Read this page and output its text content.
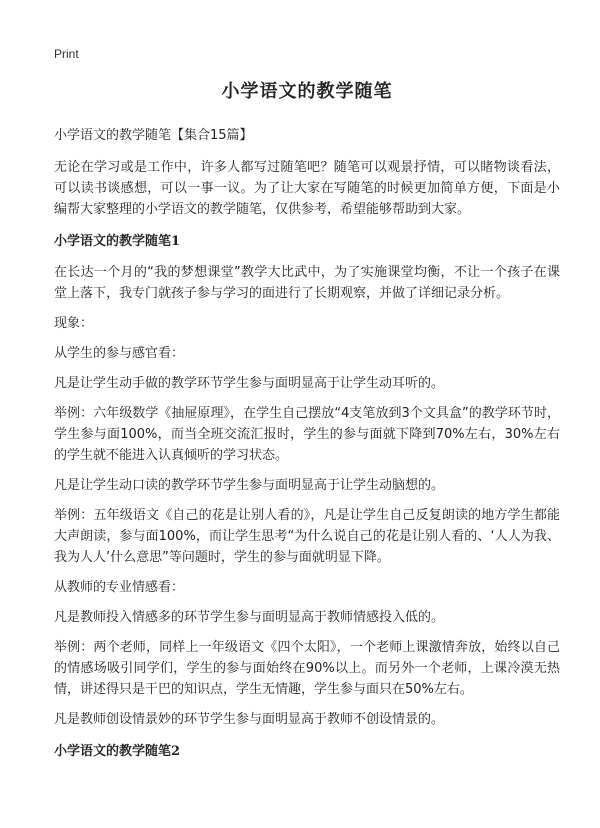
Print
小学语文的教学随笔

小学语文的教学随笔【集合15篇】

无论在学习或是工作中，许多人都写过随笔吧？随笔可以观景抒情，可以睹物谈看法，可以读书谈感想，可以一事一议。为了让大家在写随笔的时候更加简单方便，下面是小编帮大家整理的小学语文的教学随笔，仅供参考，希望能够帮助到大家。

小学语文的教学随笔1

在长达一个月的“我的梦想课堂”教学大比武中，为了实施课堂均衡，不让一个孩子在课堂上落下，我专门就孩子参与学习的面进行了长期观察，并做了详细记录分析。

现象：

从学生的参与感官看：

凡是让学生动手做的教学环节学生参与面明显高于让学生动耳听的。

举例：六年级数学《抽屉原理》，在学生自己摆放“4支笔放到3个文具盒”的教学环节时，学生参与面100%，而当全班交流汇报时，学生的参与面就下降到70%左右，30%左右的学生就不能进入认真倾听的学习状态。

凡是让学生动口读的教学环节学生参与面明显高于让学生动脑想的。

举例：五年级语文《自己的花是让别人看的》，凡是让学生自己反复朗读的地方学生都能大声朗读，参与面100%，而让学生思考“为什么说自己的花是让别人看的、‘人人为我、我为人人’什么意思”等问题时，学生的参与面就明显下降。

从教师的专业情感看：

凡是教师投入情感多的环节学生参与面明显高于教师情感投入低的。

举例：两个老师，同样上一年级语文《四个太阳》，一个老师上课激情奔放，始终以自己的情感场吸引同学们，学生的参与面始终在90%以上。而另外一个老师，上课冷漠无热情，讲述得只是干巴的知识点，学生无情趣，学生参与面只在50%左右。

凡是教师创设情景妙的环节学生参与面明显高于教师不创设情景的。

小学语文的教学随笔2
